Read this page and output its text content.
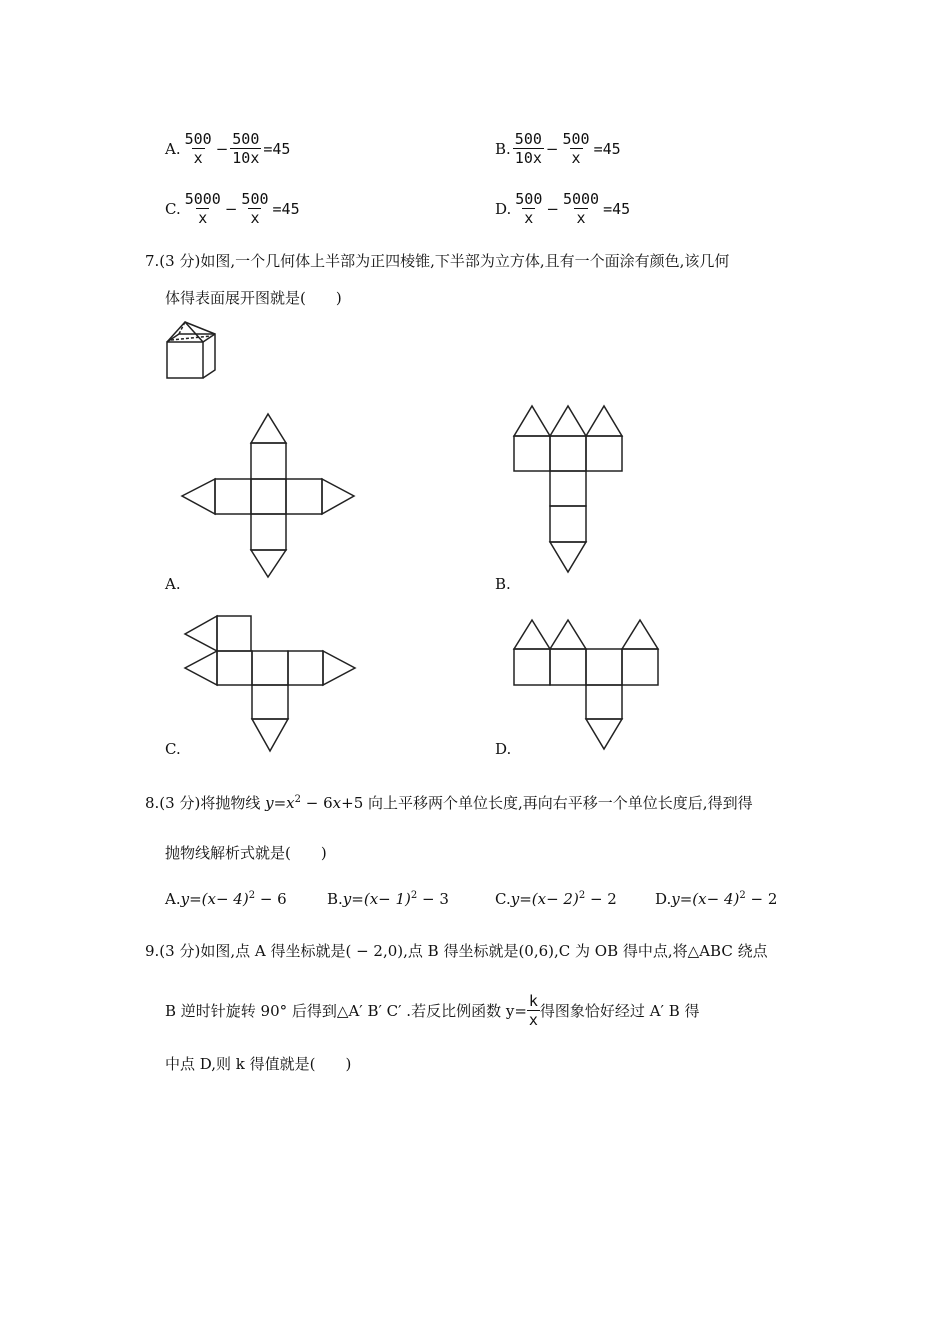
A. $\frac{500}{x} - \frac{500}{10x} =45$	B. $\frac{500}{10x} - \frac{500}{x} =45$
C. $\frac{5000}{x} - \frac{500}{x} =45$	D. $\frac{500}{x} - \frac{5000}{x} =45$
7.(3 分)如图,一个几何体上半部为正四棱锥,下半部为立方体,且有一个面涂有颜色,该几何
体得表面展开图就是(　　)
A.	B.
C.	D.
8.(3 分)将抛物线 $y=x^2 - 6x+5$ 向上平移两个单位长度,再向右平移一个单位长度后,得到得
抛物线解析式就是(　　)
$A.y=(x- 4)^2 - 6$	$B.y=(x- 1)^2 - 3$	$C.y=(x- 2)^2 - 2$	$D.y=(x- 4)^2 - 2$
9.(3 分)如图,点 A 得坐标就是( − 2,0),点 B 得坐标就是(0,6),C 为 OB 得中点,将△ABC 绕点
B 逆时针旋转 90° 后得到△A′ B′ C′ .若反比例函数 $y= \frac{k}{x}$ 得图象恰好经过 A′ B 得
中点 D,则 k 得值就是(　　)
